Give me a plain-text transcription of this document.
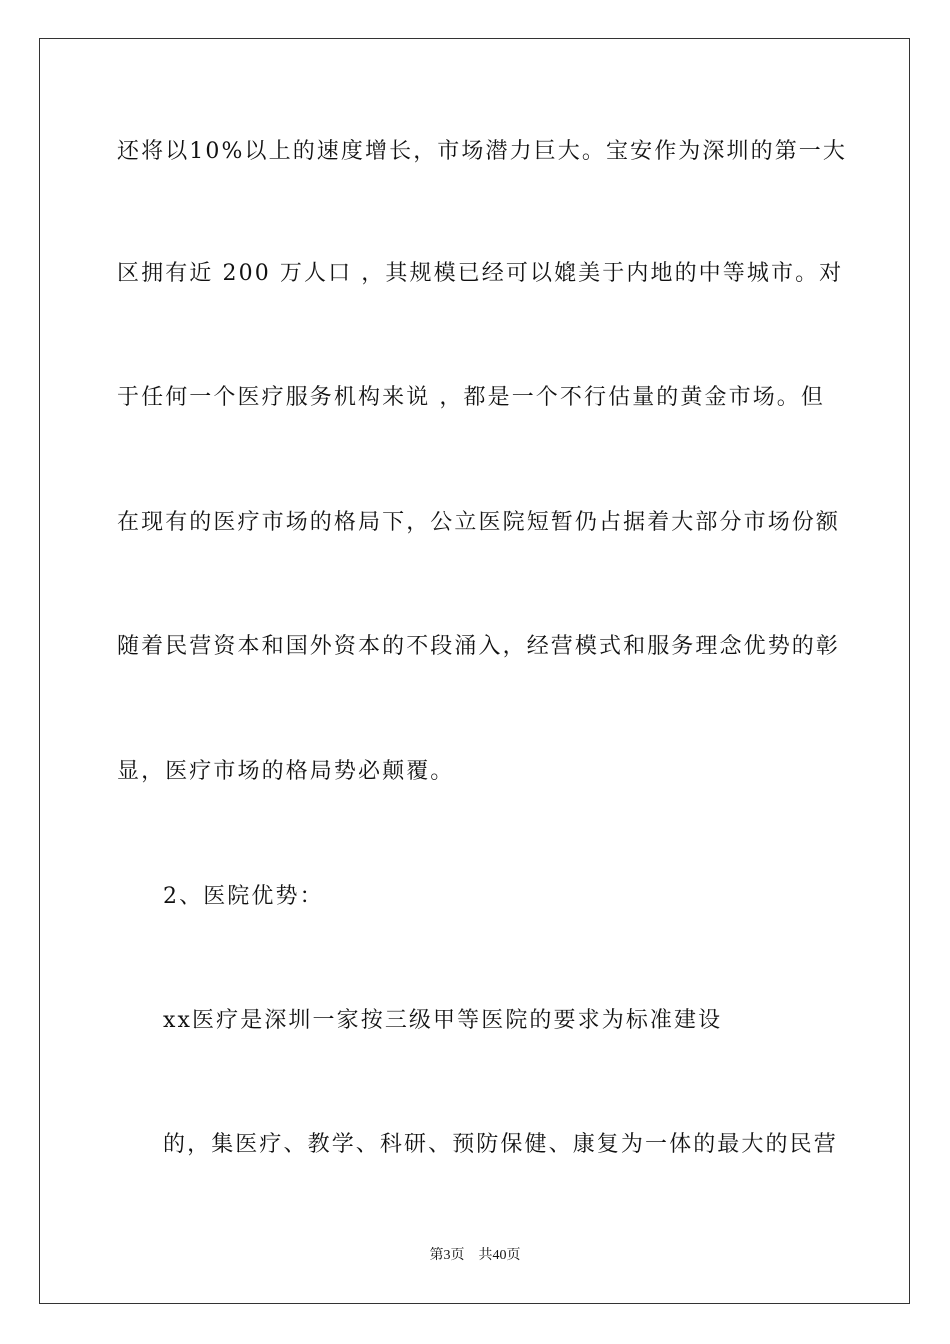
还将以10%以上的速度增长，市场潜力巨大。宝安作为深圳的第一大
区拥有近 200 万人口 ，其规模已经可以媲美于内地的中等城市。对
于任何一个医疗服务机构来说 ，都是一个不行估量的黄金市场。但
在现有的医疗市场的格局下，公立医院短暂仍占据着大部分市场份额
随着民营资本和国外资本的不段涌入，经营模式和服务理念优势的彰
显，医疗市场的格局势必颠覆。
2、医院优势：
xx医疗是深圳一家按三级甲等医院的要求为标准建设
的，集医疗、教学、科研、预防保健、康复为一体的最大的民营
第3页 共40页
